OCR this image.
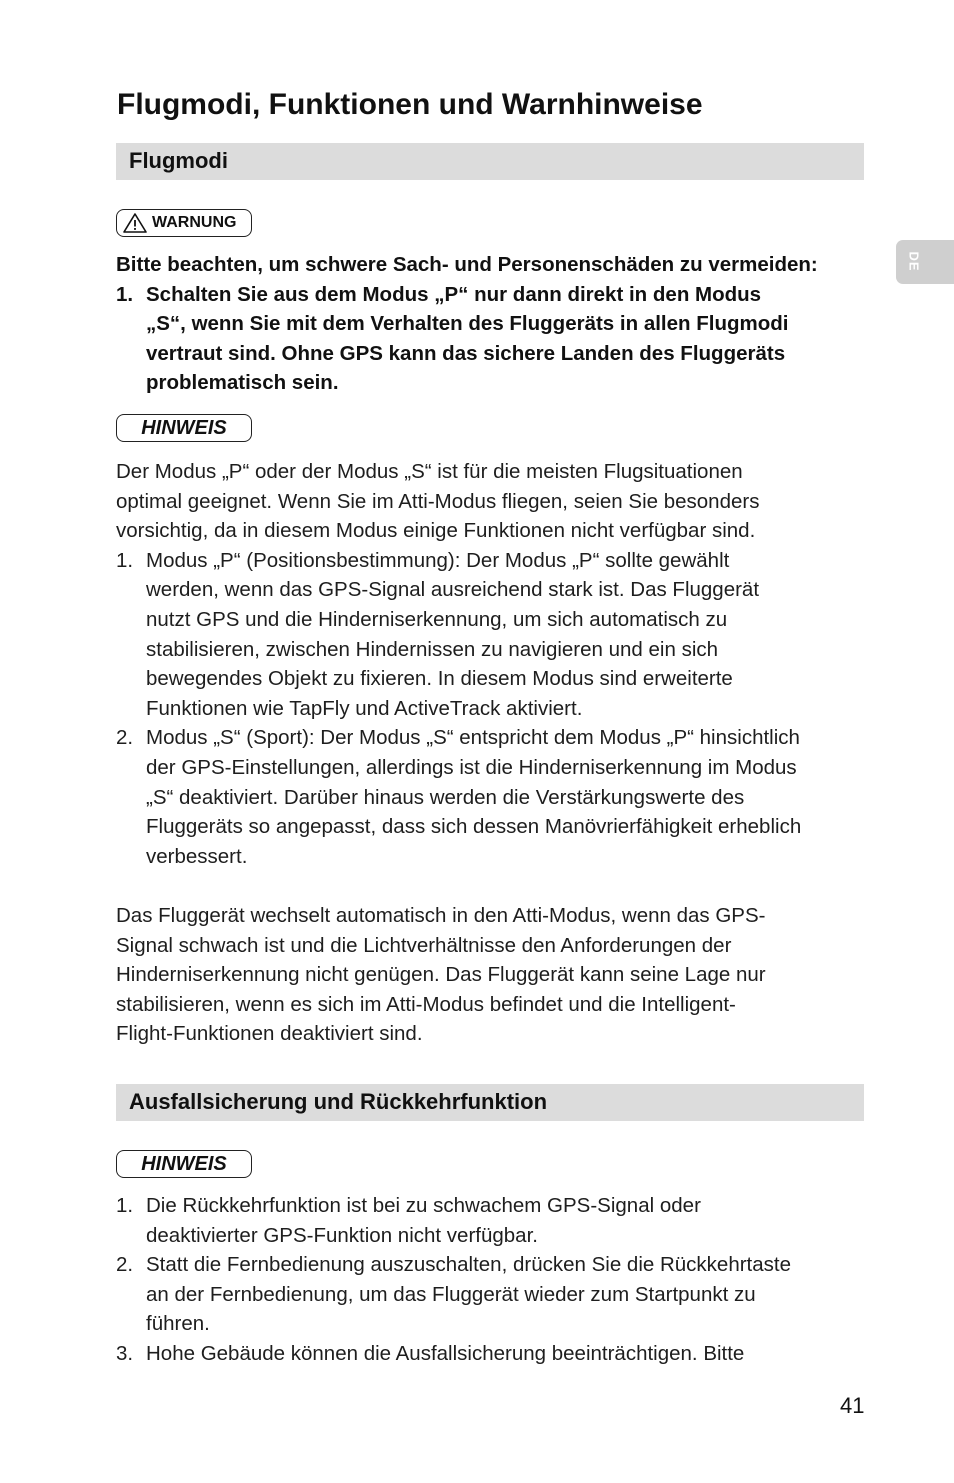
Flugmodi, Funktionen und Warnhinweise
DE
Flugmodi
WARNUNG

Bitte beachten, um schwere Sach- und Personenschäden zu vermeiden:

1. Schalten Sie aus dem Modus „P“ nur dann direkt in den Modus

„S“, wenn Sie mit dem Verhalten des Fluggeräts in allen Flugmodi

vertraut sind. Ohne GPS kann das sichere Landen des Fluggeräts

problematisch sein.

HINWEIS

Der Modus „P“ oder der Modus „S“ ist für die meisten Flugsituationen

optimal geeignet. Wenn Sie im Atti-Modus fliegen, seien Sie besonders

vorsichtig, da in diesem Modus einige Funktionen nicht verfügbar sind.

1. Modus „P“ (Positionsbestimmung): Der Modus „P“ sollte gewählt

werden, wenn das GPS-Signal ausreichend stark ist. Das Fluggerät

nutzt GPS und die Hinderniserkennung, um sich automatisch zu

stabilisieren, zwischen Hindernissen zu navigieren und ein sich

bewegendes Objekt zu fixieren. In diesem Modus sind erweiterte

Funktionen wie TapFly und ActiveTrack aktiviert.

2. Modus „S“ (Sport): Der Modus „S“ entspricht dem Modus „P“ hinsichtlich

der GPS-Einstellungen, allerdings ist die Hinderniserkennung im Modus

„S“ deaktiviert. Darüber hinaus werden die Verstärkungswerte des

Fluggeräts so angepasst, dass sich dessen Manövrierfähigkeit erheblich

verbessert.

Das Fluggerät wechselt automatisch in den Atti-Modus, wenn das GPS-

Signal schwach ist und die Lichtverhältnisse den Anforderungen der

Hinderniserkennung nicht genügen. Das Fluggerät kann seine Lage nur

stabilisieren, wenn es sich im Atti-Modus befindet und die Intelligent-

Flight-Funktionen deaktiviert sind.

Ausfallsicherung und Rückkehrfunktion
HINWEIS
1. Die Rückkehrfunktion ist bei zu schwachem GPS-Signal oder

deaktivierter GPS-Funktion nicht verfügbar.

2. Statt die Fernbedienung auszuschalten, drücken Sie die Rückkehrtaste

an der Fernbedienung, um das Fluggerät wieder zum Startpunkt zu

führen.

3. Hohe Gebäude können die Ausfallsicherung beeinträchtigen. Bitte

41
